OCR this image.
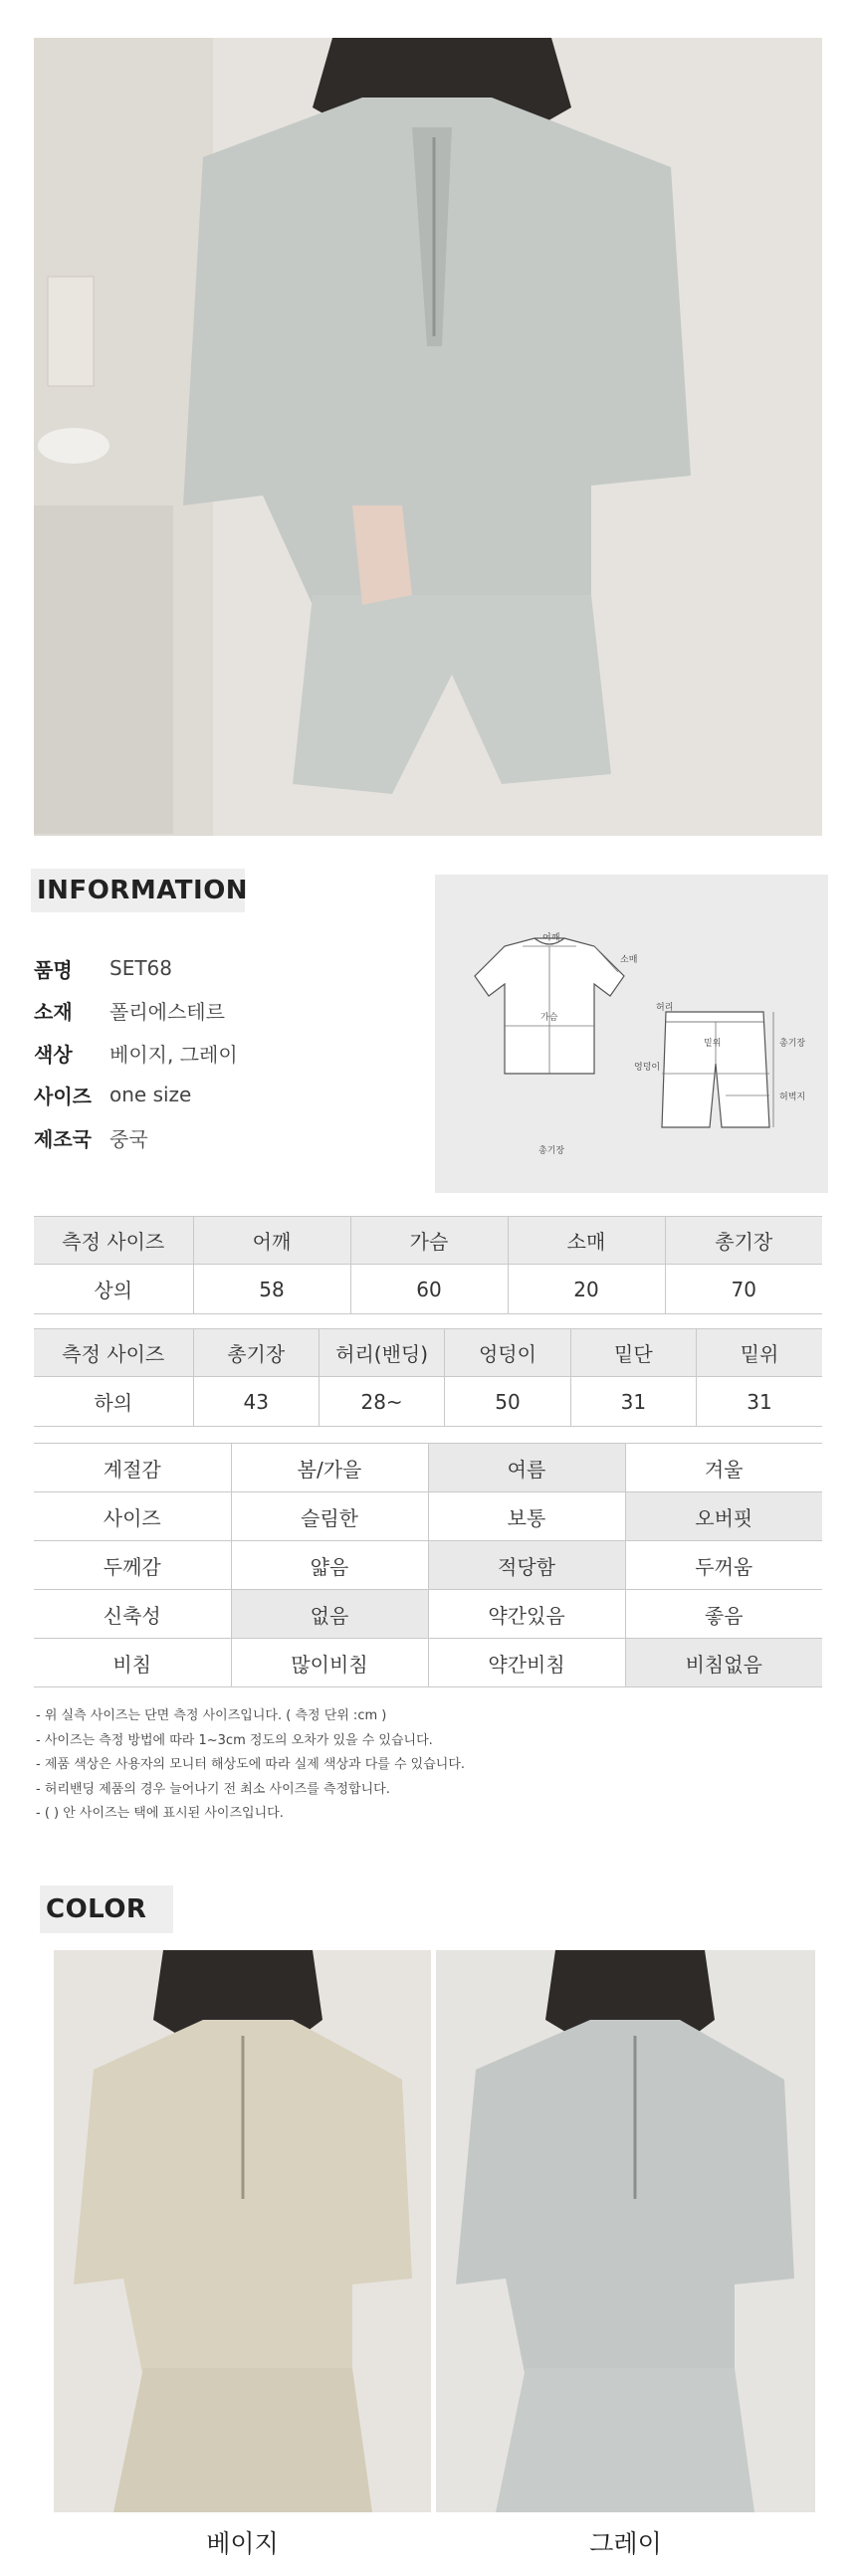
INFORMATION
품명	SET68
소재	폴리에스테르
색상	베이지, 그레이
사이즈 one size
제조국 중국
어깨
가슴
소매
총기장
허리
밑위
엉덩이
총기장
허벅지
측정 사이즈	어깨	가슴	소매	총기장
상의	58	60	20	70
측정 사이즈	총기장	허리(밴딩)	엉덩이	밑단	밑위
하의	43	28~	50	31	31
계절감	봄/가을	여름	겨울
사이즈	슬림한	보통	오버핏
두께감	얇음	적당함	두꺼움
신축성	없음	약간있음	좋음
비침	많이비침	약간비침	비침없음
- 위 실측 사이즈는 단면 측정 사이즈입니다. ( 측정 단위 :cm )
- 사이즈는 측정 방법에 따라 1~3cm 정도의 오차가 있을 수 있습니다.
- 제품 색상은 사용자의 모니터 해상도에 따라 실제 색상과 다를 수 있습니다.
- 허리밴딩 제품의 경우 늘어나기 전 최소 사이즈를 측정합니다.
- ( ) 안 사이즈는 택에 표시된 사이즈입니다.
COLOR
베이지	그레이
